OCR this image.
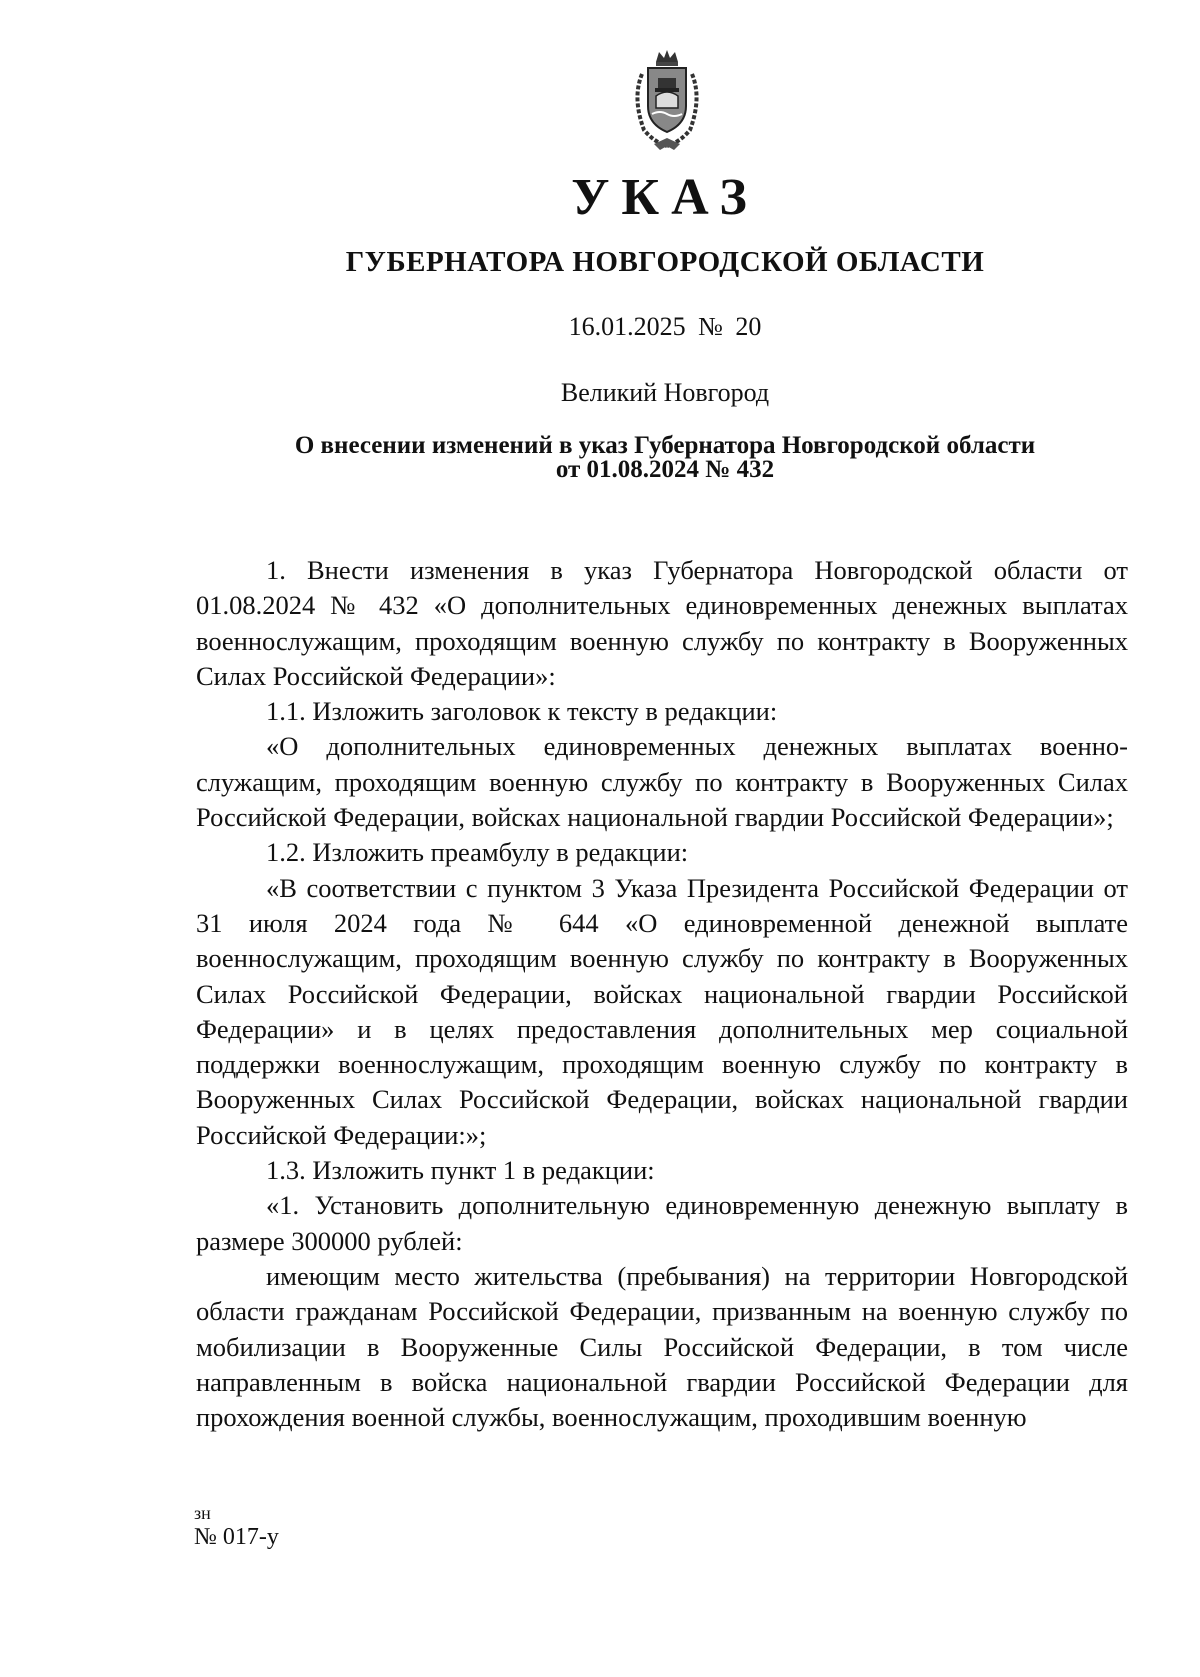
УКАЗ
ГУБЕРНАТОРА НОВГОРОДСКОЙ ОБЛАСТИ
16.01.2025 № 20
Великий Новгород
О внесении изменений в указ Губернатора Новгородской области
от 01.08.2024 № 432

1. Внести изменения в указ Губернатора Новгородской области от 01.08.2024 № 432 «О дополнительных единовременных денежных выплатах военнослужащим, проходящим военную службу по контракту в Вооруженных Силах Российской Федерации»:

1.1. Изложить заголовок к тексту в редакции:

«О дополнительных единовременных денежных выплатах военно-служащим, проходящим военную службу по контракту в Вооруженных Силах Российской Федерации, войсках национальной гвардии Российской Федерации»;

1.2. Изложить преамбулу в редакции:

«В соответствии с пунктом 3 Указа Президента Российской Федерации от 31 июля 2024 года № 644 «О единовременной денежной выплате военнослужащим, проходящим военную службу по контракту в Вооруженных Силах Российской Федерации, войсках национальной гвардии Российской Федерации» и в целях предоставления дополнительных мер социальной поддержки военнослужащим, проходящим военную службу по контракту в Вооруженных Силах Российской Федерации, войсках национальной гвардии Российской Федерации:»;

1.3. Изложить пункт 1 в редакции:

«1. Установить дополнительную единовременную денежную выплату в размере 300000 рублей:

имеющим место жительства (пребывания) на территории Новгородской области гражданам Российской Федерации, призванным на военную службу по мобилизации в Вооруженные Силы Российской Федерации, в том числе направленным в войска национальной гвардии Российской Федерации для прохождения военной службы, военнослужащим, проходившим военную

зн
№ 017-у
